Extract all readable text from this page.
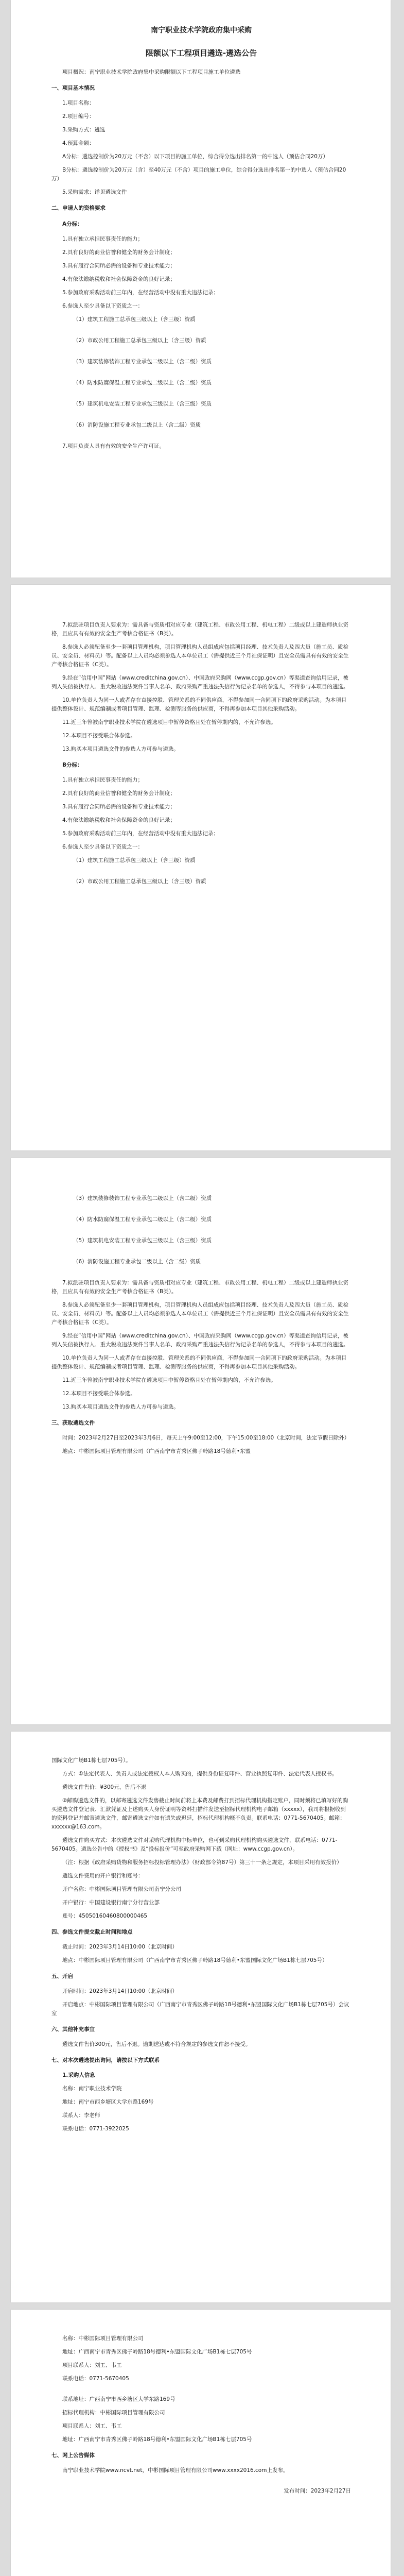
南宁职业技术学院政府集中采购
限额以下工程项目遴选-遴选公告

项目概况：南宁职业技术学院政府集中采购限额以下工程项目施工单位遴选

一、项目基本情况

1.项目名称：

2.项目编号：

3.采购方式：遴选

4.预算金额：

A分标：遴选控制价为20万元（不含）以下项目的施工单位，综合得分选出排名第一的中选人（预估合同20万）

B分标：遴选控制价为20万元（含）至40万元（不含）项目的施工单位，综合得分选出排名第一的中选人（预估合同20万）

5.采购需求：详见遴选文件

二、申请人的资格要求

A分标：

1.具有独立承担民事责任的能力；

2.具有良好的商业信誉和健全的财务会计制度；

3.具有履行合同所必需的设备和专业技术能力；

4.有依法缴纳税收和社会保障资金的良好记录；

5.参加政府采购活动前三年内，在经营活动中没有重大违法记录；

6.参选人至少具备以下资质之一：

（1）建筑工程施工总承包三级以上（含三级）资质

（2）市政公用工程施工总承包三级以上（含三级）资质

（3）建筑装修装饰工程专业承包二级以上（含二级）资质

（4）防水防腐保温工程专业承包二级以上（含二级）资质

（5）建筑机电安装工程专业承包三级以上（含三级）资质

（6）消防设施工程专业承包二级以上（含二级）资质

7.项目负责人具有有效的安全生产许可证。

7.拟派驻项目负责人要求为：需具备与资质相对应专业（建筑工程、市政公用工程、机电工程）二级或以上建造师执业资格，且应具有有效的安全生产考核合格证书（B类）。

8.参选人必须配备至少一套项目管理机构，项目管理机构人员组成应包括项目经理、技术负责人及四大员（施工员、质检员、安全员、材料员）等。配备以上人员均必须参选人本单位员工（需提供近三个月社保证明）且安全员需具有有效的安全生产考核合格证书（C类）。

9.经在“信用中国”网站（www.creditchina.gov.cn）、中国政府采购网（www.ccgp.gov.cn）等渠道查询信用记录，被列入失信被执行人、重大税收违法案件当事人名单、政府采购严重违法失信行为记录名单的参选人，不得参与本项目的遴选。

10.单位负责人为同一人或者存在直接控股、管理关系的不同供应商，不得参加同一合同项下的政府采购活动。为本项目提供整体设计、规范编制或者项目管理、监理、检测等服务的供应商，不得再参加本项目其他采购活动。

11.近三年曾被南宁职业技术学院在遴选项目中暂停资格且处在暂停期内的，不允许参选。

12.本项目不接受联合体参选。

13.购买本项目遴选文件的参选人方可参与遴选。

B分标：

1.具有独立承担民事责任的能力；

2.具有良好的商业信誉和健全的财务会计制度；

3.具有履行合同所必需的设备和专业技术能力；

4.有依法缴纳税收和社会保障资金的良好记录；

5.参加政府采购活动前三年内，在经营活动中没有重大违法记录；

6.参选人至少具备以下资质之一：

（1）建筑工程施工总承包三级以上（含三级）资质

（2）市政公用工程施工总承包三级以上（含三级）资质

（3）建筑装修装饰工程专业承包二级以上（含二级）资质

（4）防水防腐保温工程专业承包二级以上（含二级）资质

（5）建筑机电安装工程专业承包三级以上（含三级）资质

（6）消防设施工程专业承包二级以上（含二级）资质

7.拟派驻项目负责人要求为：需具备与资质相对应专业（建筑工程、市政公用工程、机电工程）二级或以上建造师执业资格，且应具有有效的安全生产考核合格证书（B类）。

8.参选人必须配备至少一套项目管理机构，项目管理机构人员组成应包括项目经理、技术负责人及四大员（施工员、质检员、安全员、材料员）等。配备以上人员均必须参选人本单位员工（需提供近三个月社保证明）且安全员需具有有效的安全生产考核合格证书（C类）。

9.经在“信用中国”网站（www.creditchina.gov.cn）、中国政府采购网（www.ccgp.gov.cn）等渠道查询信用记录，被列入失信被执行人、重大税收违法案件当事人名单、政府采购严重违法失信行为记录名单的参选人，不得参与本项目的遴选。

10.单位负责人为同一人或者存在直接控股、管理关系的不同供应商，不得参加同一合同项下的政府采购活动。为本项目提供整体设计、规范编制或者项目管理、监理、检测等服务的供应商，不得再参加本项目其他采购活动。

11.近三年曾被南宁职业技术学院在遴选项目中暂停资格且处在暂停期内的，不允许参选。

12.本项目不接受联合体参选。

13.购买本项目遴选文件的参选人方可参与遴选。

三、获取遴选文件

时间：2023年2月27日至2023年3月6日，每天上午9:00至12:00，下午15:00至18:00（北京时间，法定节假日除外）

地点：中彬国际项目管理有限公司（广西南宁市青秀区佛子岭路18号德利•东盟

国际文化广场B1栋七层705号）。

方式：①法定代表人、负责人或法定授权人本人购买的，提供身份证复印件、营业执照复印件、法定代表人授权书。

遴选文件售价：¥300元，售后不退

②邮购遴选文件的，以邮寄遴选文件发售截止时间前将上本费及邮费打到招标代理机构指定账户，同时须将已填写好的购买遴选文件登记表、汇款凭证及上述购买人身份证明等资料扫描件发送至招标代理机构电子邮箱（xxxxx），我司将根据收到的资料登记并邮寄遴选文件，邮寄遴选文件如有遗失或迟延，招标代理机构概不负责。联系电话：0771-5670405。邮箱：xxxxxx@163.com。

遴选文件购买方式：本次遴选文件对采购代理机构中标单位，也可到采购代理机构购买遴选文件，联系电话：0771-5670405。遴选公告中的《授权书》及“投标报价”可至政府采购网下载（网址：www.ccgp.gov.cn）。

（注：根据《政府采购货物和服务招标投标管理办法》（财政部令第87号）第三十一条之规定，本项目采用有效报价）

遴选文件费用的开户银行和账号：

开户名称：中彬国际项目管理有限公司南宁分公司

开户银行：中国建设银行南宁分行营业部

账号：45050160460800000465

四、参选文件提交截止时间和地点

截止时间：2023年3月14日10:00（北京时间）

地点：中彬国际项目管理有限公司（广西南宁市青秀区佛子岭路18号德利•东盟国际文化广场B1栋七层705号）

五、开启

开启时间：2023年3月14日10:00（北京时间）

开启地点：中彬国际项目管理有限公司（广西南宁市青秀区佛子岭路18号德利•东盟国际文化广场B1栋七层705号）会议室

六、其他补充事宜

遴选文件售价300元，售后不退。逾期送达或不符合规定的参选文件恕不接受。

七、对本次遴选提出询问，请按以下方式联系

1.采购人信息

名称：南宁职业技术学院

地址：南宁市西乡塘区大学东路169号

联系人：李老师

联系电话：0771-3922025

名称：中彬国际项目管理有限公司

地址：广西南宁市青秀区佛子岭路18号德利•东盟国际文化广场B1栋七层705号

项目联系人：刘工、韦工

联系电话：0771-5670405

联系地址：广西南宁市西乡塘区大学东路169号

招标代理机构：中彬国际项目管理有限公司

项目联系人：刘工、韦工

地址：广西南宁市青秀区佛子岭路18号德利•东盟国际文化广场B1栋七层705号

七、网上公告媒体

南宁职业技术学院www.ncvt.net，中彬国际项目管理有限公司www.xxxx2016.com上发布。

发布时间：2023年2月27日
